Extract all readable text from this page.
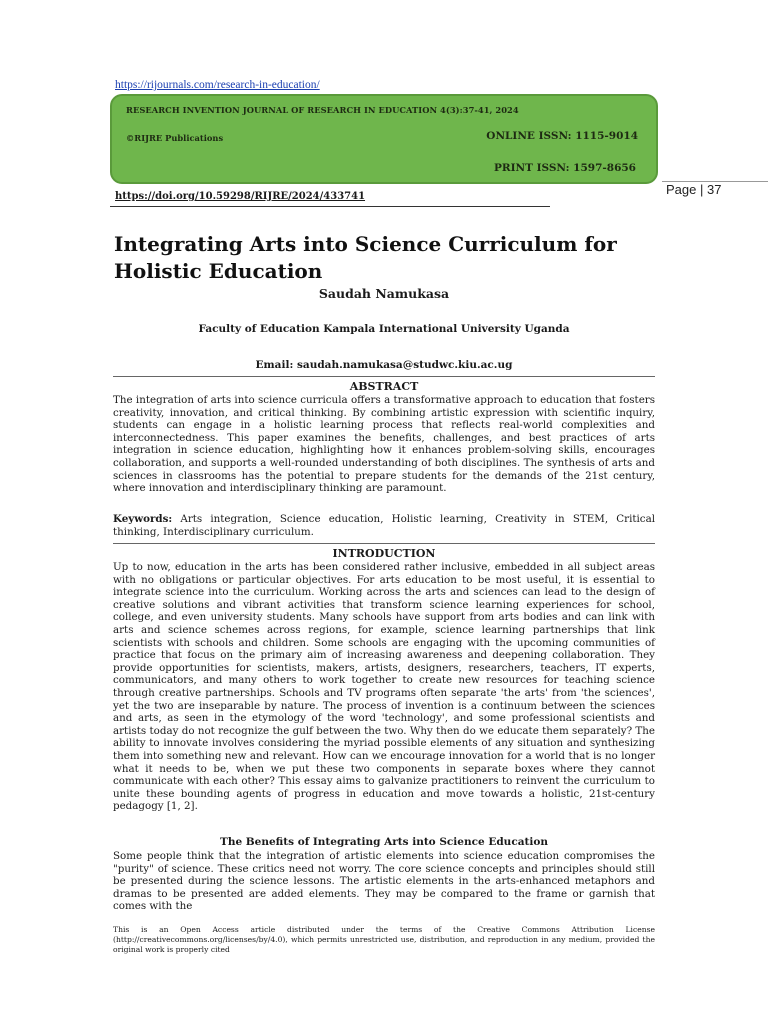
https://rijournals.com/research-in-education/
RESEARCH INVENTION JOURNAL OF RESEARCH IN EDUCATION 4(3):37-41, 2024
©RIJRE Publications	ONLINE ISSN: 1115-9014
PRINT ISSN: 1597-8656
Page | 37
https://doi.org/10.59298/RIJRE/2024/433741
Integrating Arts into Science Curriculum for Holistic Education
Saudah Namukasa
Faculty of Education Kampala International University Uganda
Email: saudah.namukasa@studwc.kiu.ac.ug
ABSTRACT
The integration of arts into science curricula offers a transformative approach to education that fosters creativity, innovation, and critical thinking. By combining artistic expression with scientific inquiry, students can engage in a holistic learning process that reflects real-world complexities and interconnectedness. This paper examines the benefits, challenges, and best practices of arts integration in science education, highlighting how it enhances problem-solving skills, encourages collaboration, and supports a well-rounded understanding of both disciplines. The synthesis of arts and sciences in classrooms has the potential to prepare students for the demands of the 21st century, where innovation and interdisciplinary thinking are paramount.
Keywords: Arts integration, Science education, Holistic learning, Creativity in STEM, Critical thinking, Interdisciplinary curriculum.
INTRODUCTION
Up to now, education in the arts has been considered rather inclusive, embedded in all subject areas with no obligations or particular objectives. For arts education to be most useful, it is essential to integrate science into the curriculum. Working across the arts and sciences can lead to the design of creative solutions and vibrant activities that transform science learning experiences for school, college, and even university students. Many schools have support from arts bodies and can link with arts and science schemes across regions, for example, science learning partnerships that link scientists with schools and children. Some schools are engaging with the upcoming communities of practice that focus on the primary aim of increasing awareness and deepening collaboration. They provide opportunities for scientists, makers, artists, designers, researchers, teachers, IT experts, communicators, and many others to work together to create new resources for teaching science through creative partnerships. Schools and TV programs often separate 'the arts' from 'the sciences', yet the two are inseparable by nature. The process of invention is a continuum between the sciences and arts, as seen in the etymology of the word 'technology', and some professional scientists and artists today do not recognize the gulf between the two. Why then do we educate them separately? The ability to innovate involves considering the myriad possible elements of any situation and synthesizing them into something new and relevant. How can we encourage innovation for a world that is no longer what it needs to be, when we put these two components in separate boxes where they cannot communicate with each other? This essay aims to galvanize practitioners to reinvent the curriculum to unite these bounding agents of progress in education and move towards a holistic, 21st-century pedagogy [1, 2].
The Benefits of Integrating Arts into Science Education
Some people think that the integration of artistic elements into science education compromises the "purity" of science. These critics need not worry. The core science concepts and principles should still be presented during the science lessons. The artistic elements in the arts-enhanced metaphors and dramas to be presented are added elements. They may be compared to the frame or garnish that comes with the
This is an Open Access article distributed under the terms of the Creative Commons Attribution License (http://creativecommons.org/licenses/by/4.0), which permits unrestricted use, distribution, and reproduction in any medium, provided the original work is properly cited
